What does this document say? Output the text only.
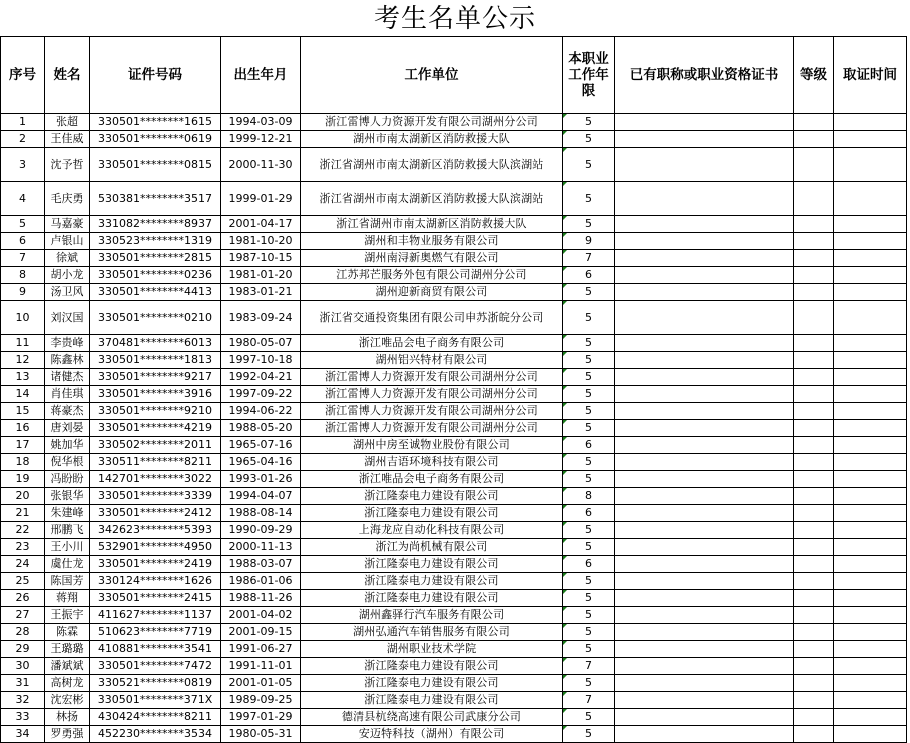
考生名单公示
序号	姓名	证件号码	出生年月	工作单位	本职业工作年限	已有职称或职业资格证书	等级	取证时间
1	张超	330501********1615	1994-03-09	浙江雷博人力资源开发有限公司湖州分公司	5			
2	王佳威	330501********0619	1999-12-21	湖州市南太湖新区消防救援大队	5			
3	沈予哲	330501********0815	2000-11-30	浙江省湖州市南太湖新区消防救援大队滨湖站	5			
4	毛庆勇	530381********3517	1999-01-29	浙江省湖州市南太湖新区消防救援大队滨湖站	5			
5	马嘉豪	331082********8937	2001-04-17	浙江省湖州市南太湖新区消防救援大队	5			
6	卢银山	330523********1319	1981-10-20	湖州和丰物业服务有限公司	9			
7	徐斌	330501********2815	1987-10-15	湖州南浔新奥燃气有限公司	7			
8	胡小龙	330501********0236	1981-01-20	江苏邦芒服务外包有限公司湖州分公司	6			
9	汤卫风	330501********4413	1983-01-21	湖州迎新商贸有限公司	5			
10	刘汉国	330501********0210	1983-09-24	浙江省交通投资集团有限公司申苏浙皖分公司	5			
11	李贵峰	370481********6013	1980-05-07	浙江唯品会电子商务有限公司	5			
12	陈鑫林	330501********1813	1997-10-18	湖州铝兴特材有限公司	5			
13	诸健杰	330501********9217	1992-04-21	浙江雷博人力资源开发有限公司湖州分公司	5			
14	肖佳琪	330501********3916	1997-09-22	浙江雷博人力资源开发有限公司湖州分公司	5			
15	蒋豪杰	330501********9210	1994-06-22	浙江雷博人力资源开发有限公司湖州分公司	5			
16	唐刘晏	330501********4219	1988-05-20	浙江雷博人力资源开发有限公司湖州分公司	5			
17	姚加华	330502********2011	1965-07-16	湖州中房至诚物业股份有限公司	6			
18	倪华根	330511********8211	1965-04-16	湖州吉语环境科技有限公司	5			
19	冯盼盼	142701********3022	1993-01-26	浙江唯品会电子商务有限公司	5			
20	张银华	330501********3339	1994-04-07	浙江隆泰电力建设有限公司	8			
21	朱建峰	330501********2412	1988-08-14	浙江隆泰电力建设有限公司	6			
22	邢鹏飞	342623********5393	1990-09-29	上海龙应自动化科技有限公司	5			
23	王小川	532901********4950	2000-11-13	浙江为尚机械有限公司	5			
24	虞仕龙	330501********2419	1988-03-07	浙江隆泰电力建设有限公司	6			
25	陈国芳	330124********1626	1986-01-06	浙江隆泰电力建设有限公司	5			
26	蒋翔	330501********2415	1988-11-26	浙江隆泰电力建设有限公司	5			
27	王振宇	411627********1137	2001-04-02	湖州鑫驿行汽车服务有限公司	5			
28	陈霖	510623********7719	2001-09-15	湖州弘通汽车销售服务有限公司	5			
29	王璐璐	410881********3541	1991-06-27	湖州职业技术学院	5			
30	潘斌斌	330501********7472	1991-11-01	浙江隆泰电力建设有限公司	7			
31	高树龙	330521********0819	2001-01-05	浙江隆泰电力建设有限公司	5			
32	沈宏彬	330501********371X	1989-09-25	浙江隆泰电力建设有限公司	7			
33	林扬	430424********8211	1997-01-29	德清县杭绕高速有限公司武康分公司	5			
34	罗勇强	452230********3534	1980-05-31	安迈特科技（湖州）有限公司	5			
